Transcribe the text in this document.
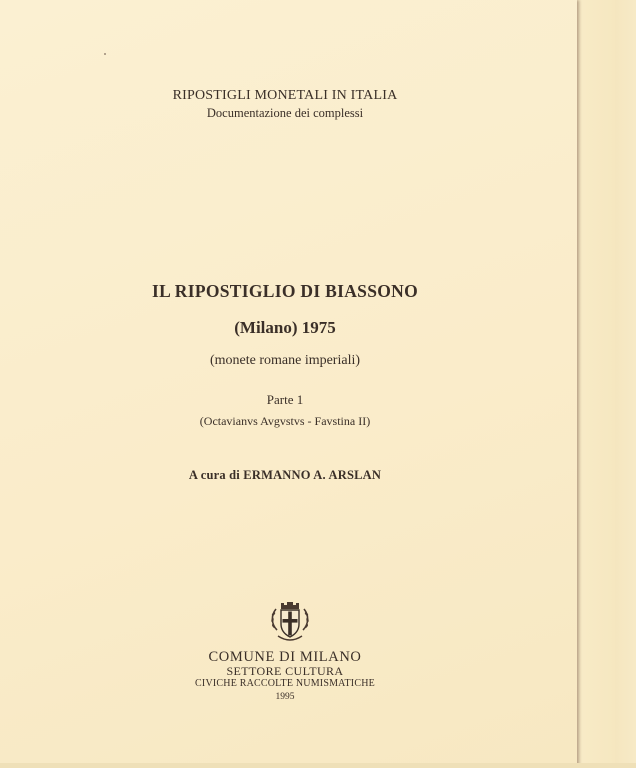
RIPOSTIGLI MONETALI IN ITALIA

Documentazione dei complessi

IL RIPOSTIGLIO DI BIASSONO

(Milano) 1975

(monete romane imperiali)

Parte 1

(Octavianvs Avgvstvs - Favstina II)

A cura di ERMANNO A. ARSLAN

COMUNE DI MILANO

SETTORE CULTURA

CIVICHE RACCOLTE NUMISMATICHE

1995
